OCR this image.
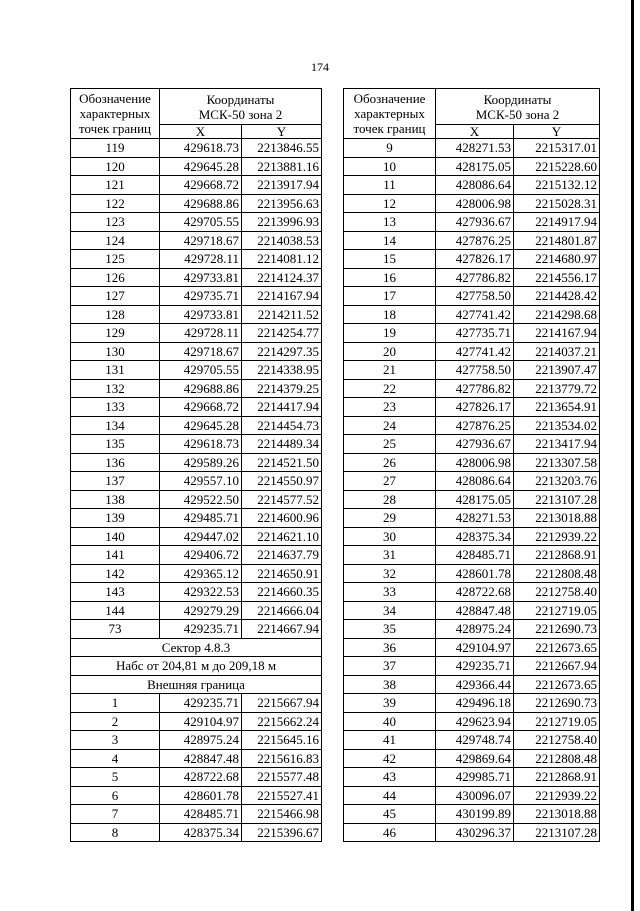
174
Обозначение
характерных
точек границ	Координаты
МСК-50 зона 2	
	X	Y
119	429618.73	2213846.55
120	429645.28	2213881.16
121	429668.72	2213917.94
122	429688.86	2213956.63
123	429705.55	2213996.93
124	429718.67	2214038.53
125	429728.11	2214081.12
126	429733.81	2214124.37
127	429735.71	2214167.94
128	429733.81	2214211.52
129	429728.11	2214254.77
130	429718.67	2214297.35
131	429705.55	2214338.95
132	429688.86	2214379.25
133	429668.72	2214417.94
134	429645.28	2214454.73
135	429618.73	2214489.34
136	429589.26	2214521.50
137	429557.10	2214550.97
138	429522.50	2214577.52
139	429485.71	2214600.96
140	429447.02	2214621.10
141	429406.72	2214637.79
142	429365.12	2214650.91
143	429322.53	2214660.35
144	429279.29	2214666.04
73	429235.71	2214667.94
Сектор 4.8.3		
Набс от 204,81 м до 209,18 м		
Внешняя граница		
1	429235.71	2215667.94
2	429104.97	2215662.24
3	428975.24	2215645.16
4	428847.48	2215616.83
5	428722.68	2215577.48
6	428601.78	2215527.41
7	428485.71	2215466.98
8	428375.34	2215396.67
Обозначение
характерных
точек границ	Координаты
МСК-50 зона 2	
	X	Y
9	428271.53	2215317.01
10	428175.05	2215228.60
11	428086.64	2215132.12
12	428006.98	2215028.31
13	427936.67	2214917.94
14	427876.25	2214801.87
15	427826.17	2214680.97
16	427786.82	2214556.17
17	427758.50	2214428.42
18	427741.42	2214298.68
19	427735.71	2214167.94
20	427741.42	2214037.21
21	427758.50	2213907.47
22	427786.82	2213779.72
23	427826.17	2213654.91
24	427876.25	2213534.02
25	427936.67	2213417.94
26	428006.98	2213307.58
27	428086.64	2213203.76
28	428175.05	2213107.28
29	428271.53	2213018.88
30	428375.34	2212939.22
31	428485.71	2212868.91
32	428601.78	2212808.48
33	428722.68	2212758.40
34	428847.48	2212719.05
35	428975.24	2212690.73
36	429104.97	2212673.65
37	429235.71	2212667.94
38	429366.44	2212673.65
39	429496.18	2212690.73
40	429623.94	2212719.05
41	429748.74	2212758.40
42	429869.64	2212808.48
43	429985.71	2212868.91
44	430096.07	2212939.22
45	430199.89	2213018.88
46	430296.37	2213107.28
